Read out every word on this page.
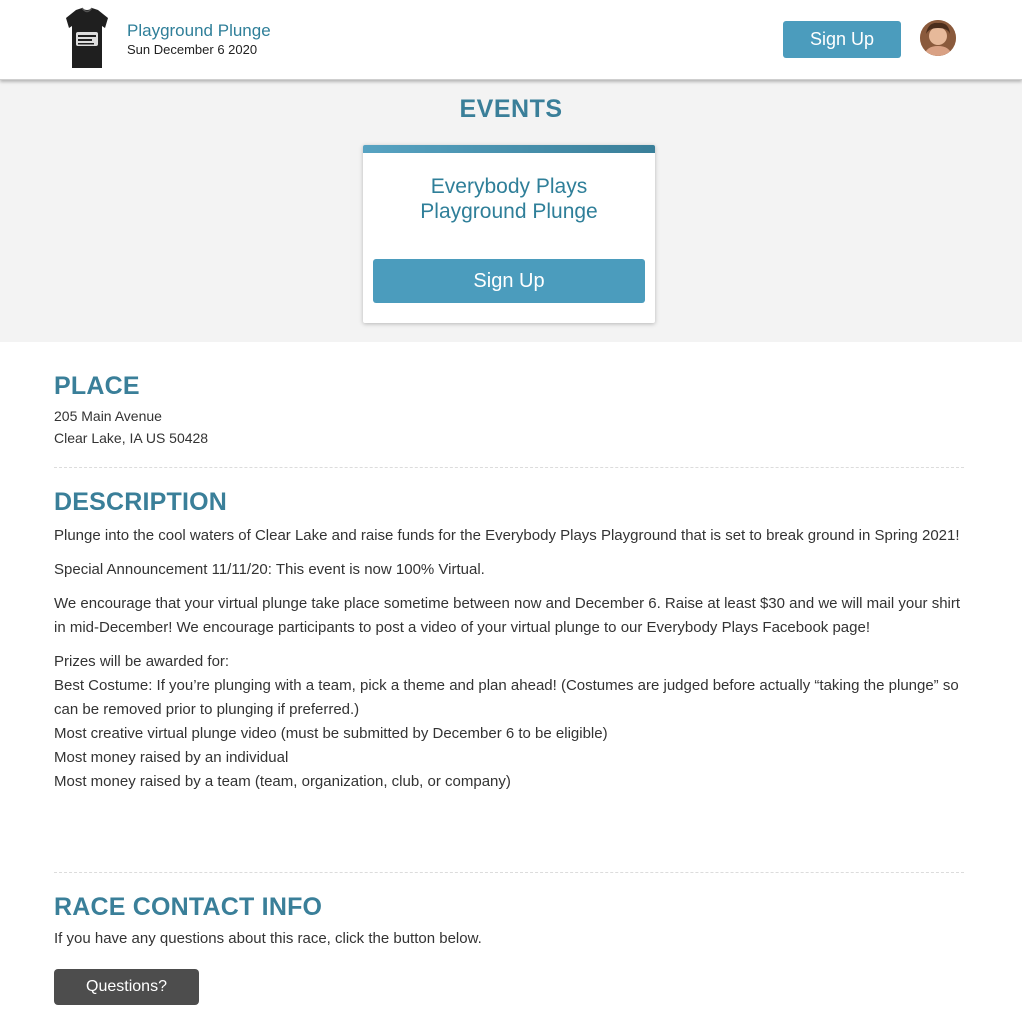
Playground Plunge
Sun December 6 2020
Sign Up
EVENTS
Everybody Plays
Playground Plunge
Sign Up
PLACE
205 Main Avenue
Clear Lake, IA US 50428
DESCRIPTION

Plunge into the cool waters of Clear Lake and raise funds for the Everybody Plays Playground that is set to break ground in Spring 2021!

Special Announcement 11/11/20: This event is now 100% Virtual.

We encourage that your virtual plunge take place sometime between now and December 6. Raise at least $30 and we will mail your shirt in mid-December! We encourage participants to post a video of your virtual plunge to our Everybody Plays Facebook page!

Prizes will be awarded for:
Best Costume: If you’re plunging with a team, pick a theme and plan ahead! (Costumes are judged before actually “taking the plunge” so can be removed prior to plunging if preferred.)
Most creative virtual plunge video (must be submitted by December 6 to be eligible)
Most money raised by an individual
Most money raised by a team (team, organization, club, or company)
RACE CONTACT INFO
If you have any questions about this race, click the button below.
Questions?
